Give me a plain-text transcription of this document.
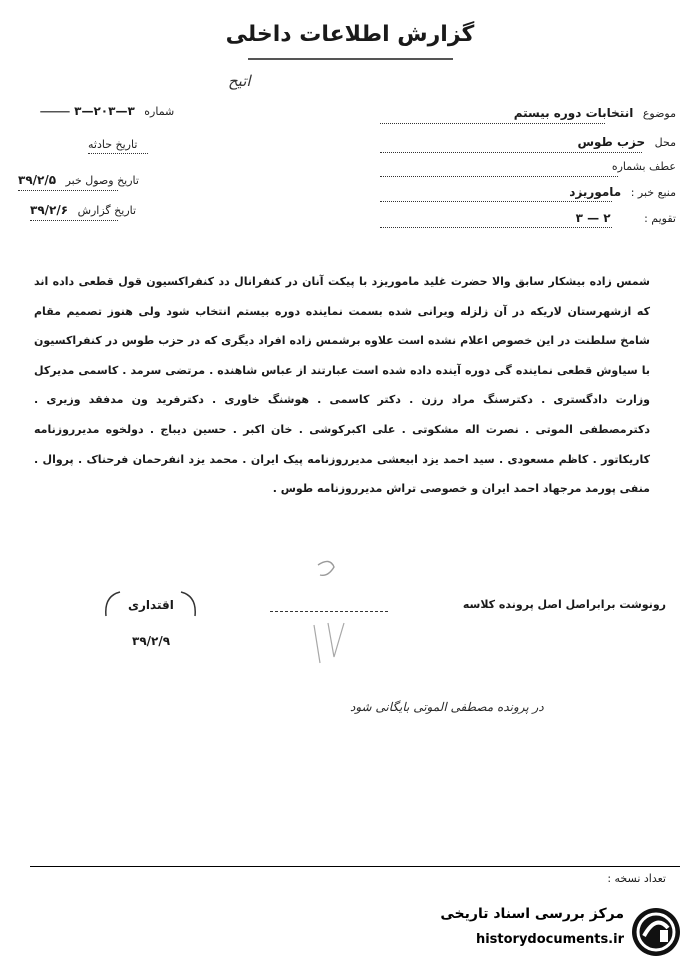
گزارش اطلاعات داخلی
اتیح
موضوع انتخابات دوره بیستم
محل حزب طوس
عطف بشماره
منبع خبر : ماموریزد
تقویم : ۲ — ۳
شماره ۳—۲۰۳—۳ ⸻
تاریخ حادثه
تاریخ وصول خبر ۳۹/۲/۵
تاریخ گزارش ۳۹/۲/۶
شمس زاده بیشکار سابق والا حضرت غلید ماموریزد با پیکت آنان در کنفرانال دد کنفراکسیون قول قطعی داده اند که ازشهرستان لاریکه در آن زلزله ویرانی شده بسمت نماینده دوره بیستم انتخاب شود ولی هنوز تصمیم مقام شامخ سلطنت در این خصوص اعلام نشده است علاوه برشمس زاده افراد دیگری که در حزب طوس در کنفراکسیون با سیاوش قطعی نماینده گی دوره آینده داده شده است عبارتند از عباس شاهنده . مرتضی سرمد . کاسمی مدیرکل وزارت دادگستری . دکترسنگ مراد رزن . دکتر کاسمی . هوشنگ خاوری . دکترفرید ون مدفقد وزیری . دکترمصطفی الموتی . نصرت اله مشکوتی . علی اکبرکوشی . خان اکبر . حسین دیباج . دولخوه مدیرروزنامه کاریکاتور . کاظم مسعودی . سید احمد یزد ابیعشی مدیرروزنامه پیک ایران . محمد یزد انفرحمان فرحناک . پروال . منفی پورمد مرجهاد احمد ایران و خصوصی تراش مدیرروزنامه طوس .
رونوشت برابراصل اصل پرونده کلاسه
اقتداری
۳۹/۲/۹
در پرونده مصطفی الموتی بایگانی شود
تعداد نسخه :
مرکز بررسی اسناد تاریخی
historydocuments.ir
